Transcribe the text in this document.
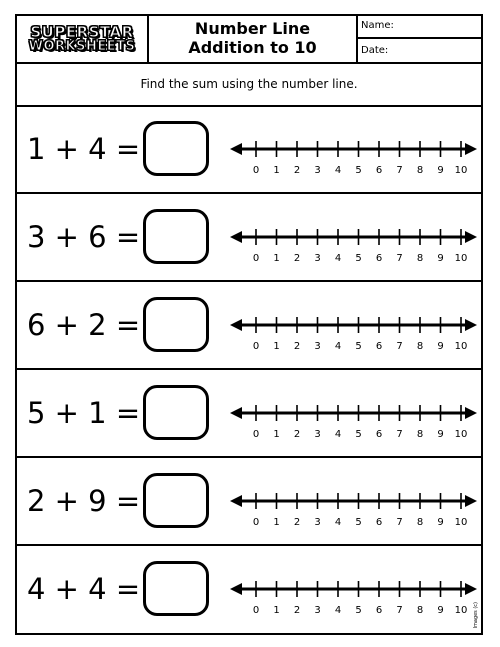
SUPERSTAR
WORKSHEETS
Number Line
Addition to 10
Name:
Date:
Find the sum using the number line.
1 + 4 =
0 1 2 3 4 5 6 7 8 9 10
3 + 6 =
0 1 2 3 4 5 6 7 8 9 10
6 + 2 =
0 1 2 3 4 5 6 7 8 9 10
5 + 1 =
0 1 2 3 4 5 6 7 8 9 10
2 + 9 =
0 1 2 3 4 5 6 7 8 9 10
4 + 4 =
0 1 2 3 4 5 6 7 8 9 10 Images (c)
